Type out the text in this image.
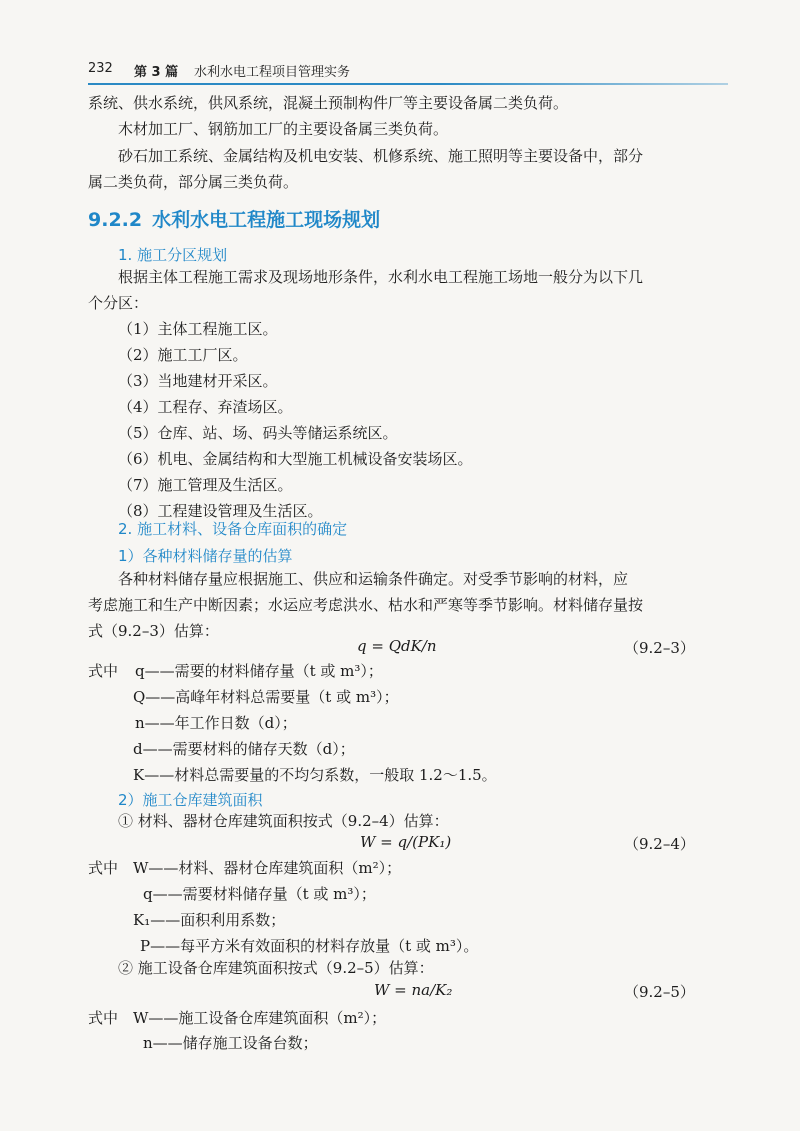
232 第 3 篇 水利水电工程项目管理实务

系统、供水系统，供风系统，混凝土预制构件厂等主要设备属二类负荷。

木材加工厂、钢筋加工厂的主要设备属三类负荷。

砂石加工系统、金属结构及机电安装、机修系统、施工照明等主要设备中，部分

属二类负荷，部分属三类负荷。

9.2.2 水利水电工程施工现场规划
1. 施工分区规划

根据主体工程施工需求及现场地形条件，水利水电工程施工场地一般分为以下几

个分区：

（1）主体工程施工区。
（2）施工工厂区。
（3）当地建材开采区。
（4）工程存、弃渣场区。
（5）仓库、站、场、码头等储运系统区。
（6）机电、金属结构和大型施工机械设备安装场区。
（7）施工管理及生活区。
（8）工程建设管理及生活区。
2. 施工材料、设备仓库面积的确定
1）各种材料储存量的估算

各种材料储存量应根据施工、供应和运输条件确定。对受季节影响的材料，应

考虑施工和生产中断因素；水运应考虑洪水、枯水和严寒等季节影响。材料储存量按

式（9.2–3）估算：

q = QdK/n	（9.2–3）
式中 q——需要的材料储存量（t 或 m³）；
Q——高峰年材料总需要量（t 或 m³）；
n——年工作日数（d）；
d——需要材料的储存天数（d）；
K——材料总需要量的不均匀系数，一般取 1.2～1.5。
2）施工仓库建筑面积

① 材料、器材仓库建筑面积按式（9.2–4）估算：

W = q/(PK₁)	（9.2–4）
式中 W——材料、器材仓库建筑面积（m²）；
q——需要材料储存量（t 或 m³）；
K₁——面积利用系数；
P——每平方米有效面积的材料存放量（t 或 m³）。

② 施工设备仓库建筑面积按式（9.2–5）估算：

W = na/K₂	（9.2–5）
式中 W——施工设备仓库建筑面积（m²）；
n——储存施工设备台数；
